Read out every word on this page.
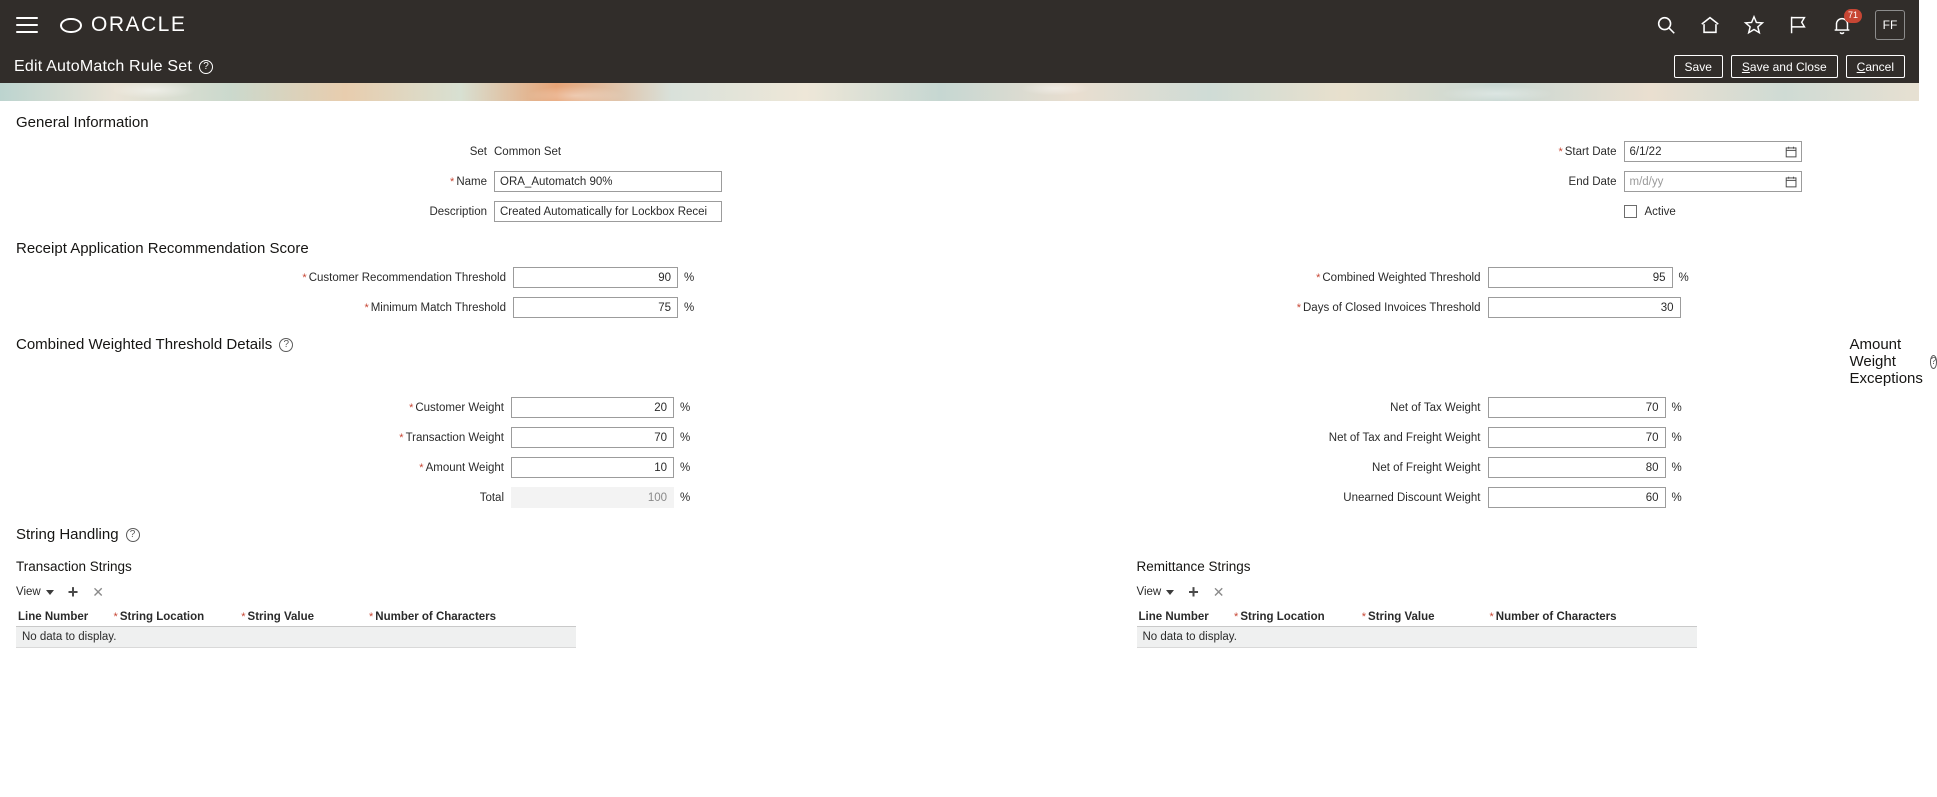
ORACLE	71
FF
Edit AutoMatch Rule Set	?	Save	Save and Close	Cancel
General Information
Set Common Set
* Name
ORA_Automatch 90%
Description
Created Automatically for Lockbox Recei
* Start Date
6/1/22
End Date
m/d/yy
Active
Receipt Application Recommendation Score
* Customer Recommendation Threshold
90	%
* Minimum Match Threshold
75	%
* Combined Weighted Threshold
95	%
* Days of Closed Invoices Threshold
30
Combined Weighted Threshold Details	?	Amount Weight Exceptions
?
* Customer Weight
20	%
* Transaction Weight
70	%
* Amount Weight
10	%
Total
100	%
Net of Tax Weight
70	%
Net of Tax and Freight Weight
70	%
Net of Freight Weight
80	%
Unearned Discount Weight
60	%
String Handling	?
Transaction Strings
View + ✕
Line Number	* String Location	* String Value	* Number of Characters
No data to display.
Remittance Strings
View + ✕
Line Number	* String Location	* String Value	* Number of Characters
No data to display.
